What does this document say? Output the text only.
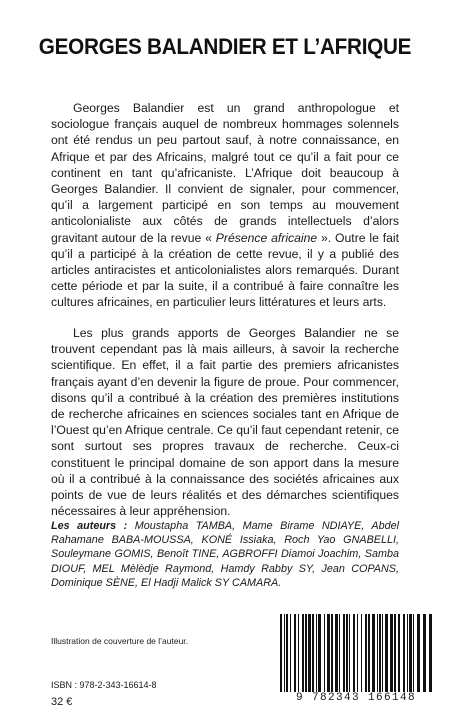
GEORGES BALANDIER ET L’AFRIQUE

Georges Balandier est un grand anthropologue et sociologue français auquel de nombreux hommages solennels ont été rendus un peu partout sauf, à notre connaissance, en Afrique et par des Africains, malgré tout ce qu’il a fait pour ce continent en tant qu’africaniste. L’Afrique doit beaucoup à Georges Balandier. Il convient de signaler, pour commencer, qu’il a largement participé en son temps au mouvement anticolonialiste aux côtés de grands intellectuels d’alors gravitant autour de la revue « Présence africaine ». Outre le fait qu’il a participé à la création de cette revue, il y a publié des articles antiracistes et anticolonialistes alors remarqués. Durant cette période et par la suite, il a contribué à faire connaître les cultures africaines, en particulier leurs littératures et leurs arts.

Les plus grands apports de Georges Balandier ne se trouvent cependant pas là mais ailleurs, à savoir la recherche scientifique. En effet, il a fait partie des premiers africanistes français ayant d’en devenir la figure de proue. Pour commencer, disons qu’il a contribué à la création des premières institutions de recherche africaines en sciences sociales tant en Afrique de l’Ouest qu’en Afrique centrale. Ce qu’il faut cependant retenir, ce sont surtout ses propres travaux de recherche. Ceux-ci constituent le principal domaine de son apport dans la mesure où il a contribué à la connaissance des sociétés africaines aux points de vue de leurs réalités et des démarches scientifiques nécessaires à leur appréhension.

Les auteurs : Moustapha TAMBA, Mame Birame NDIAYE, Abdel Rahamane BABA-MOUSSA, KONÉ Issiaka, Roch Yao GNABELLI, Souleymane GOMIS, Benoît TINE, AGBROFFI Diamoi Joachim, Samba DIOUF, MEL Mèlèdje Raymond, Hamdy Rabby SY, Jean COPANS, Dominique SÈNE, El Hadji Malick SY CAMARA.
Illustration de couverture de l’auteur.
ISBN : 978-2-343-16614-8
32 €	9 782343 166148
